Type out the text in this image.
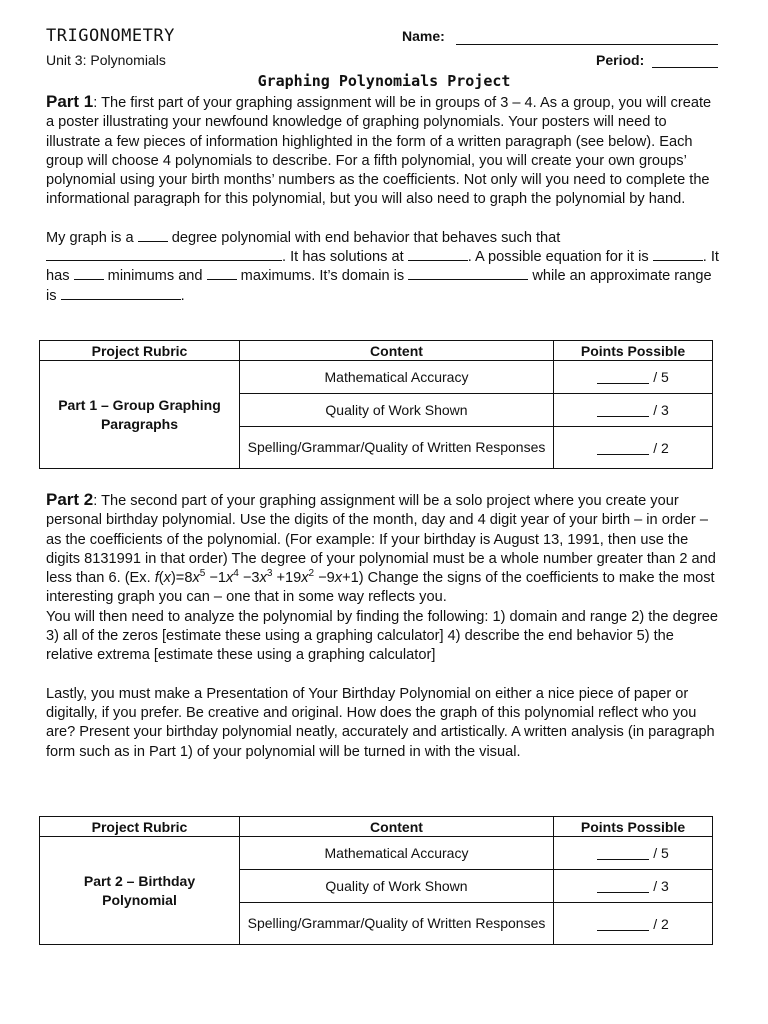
TRIGONOMETRY	Name:
Unit 3: Polynomials	Period:
Graphing Polynomials Project

Part 1: The first part of your graphing assignment will be in groups of 3 – 4. As a group, you will create a poster illustrating your newfound knowledge of graphing polynomials. Your posters will need to illustrate a few pieces of information highlighted in the form of a written paragraph (see below). Each group will choose 4 polynomials to describe. For a fifth polynomial, you will create your own groups’ polynomial using your birth months’ numbers as the coefficients. Not only will you need to complete the informational paragraph for this polynomial, but you will also need to graph the polynomial by hand.

My graph is a	degree polynomial with end behavior that behaves such that . It has solutions at	. A possible equation for it is	. It has	minimums and	maximums. It’s domain is	while an approximate range is	.

Project Rubric	Content	Points Possible

Part 1 – Group Graphing
Paragraphs	Mathematical Accuracy	/ 5
	Quality of Work Shown	/ 3
	Spelling/Grammar/Quality of Written Responses	/ 2

Part 2: The second part of your graphing assignment will be a solo project where you create your personal birthday polynomial. Use the digits of the month, day and 4 digit year of your birth – in order – as the coefficients of the polynomial. (For example: If your birthday is August 13, 1991, then use the digits 8131991 in that order) The degree of your polynomial must be a whole number greater than 2 and less than 6. (Ex. $f(x)=8x^5 -1x^4 -3x^3 +19x^2 -9x+1$) Change the signs of the coefficients to make the most interesting graph you can – one that in some way reflects you.

You will then need to analyze the polynomial by finding the following: 1) domain and range 2) the degree 3) all of the zeros [estimate these using a graphing calculator] 4) describe the end behavior 5) the relative extrema [estimate these using a graphing calculator]

Lastly, you must make a Presentation of Your Birthday Polynomial on either a nice piece of paper or digitally, if you prefer. Be creative and original. How does the graph of this polynomial reflect who you are? Present your birthday polynomial neatly, accurately and artistically. A written analysis (in paragraph form such as in Part 1) of your polynomial will be turned in with the visual.

Project Rubric	Content	Points Possible

Part 2 – Birthday
Polynomial	Mathematical Accuracy	/ 5
	Quality of Work Shown	/ 3
	Spelling/Grammar/Quality of Written Responses	/ 2
